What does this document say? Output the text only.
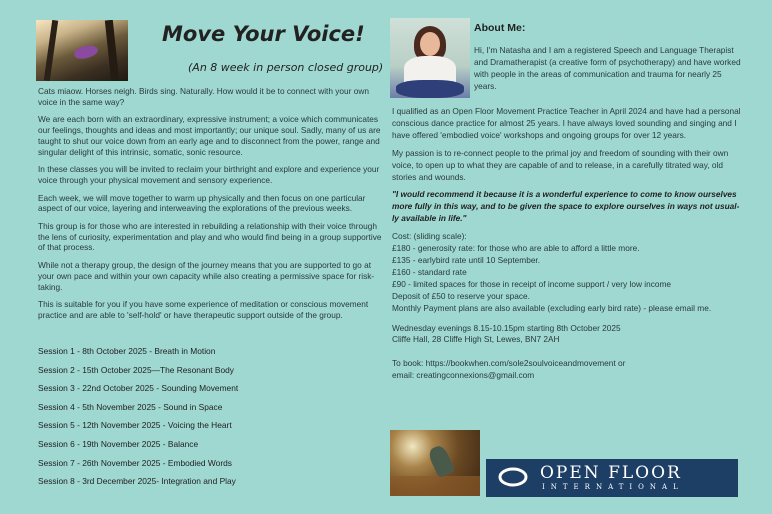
Move Your Voice!
(An 8 week in person closed group)

Cats miaow. Horses neigh. Birds sing. Naturally. How would it be to connect with your own voice in the same way?

We are each born with an extraordinary, expressive instrument; a voice which communicates our feelings, thoughts and ideas and most importantly; our unique soul. Sadly, many of us are taught to shut our voice down from an early age and to disconnect from the power, range and singular delight of this intrinsic, somatic, sonic resource.

In these classes you will be invited to reclaim your birthright and explore and experience your voice through your physical movement and sensory experience.

Each week, we will move together to warm up physically and then focus on one particular aspect of our voice, layering and interweaving the explorations of the previous weeks.

This group is for those who are interested in rebuilding a relationship with their voice through the lens of curiosity, experimentation and play and who would find being in a group supportive of that process.

While not a therapy group, the design of the journey means that you are supported to go at your own pace and within your own capacity while also creating a permissive space for risk-taking.

This is suitable for you if you have some experience of meditation or conscious movement practice and are able to 'self-hold' or have therapeutic support outside of the group.

Session 1 - 8th October 2025 - Breath in Motion
Session 2 - 15th October 2025—The Resonant Body
Session 3 - 22nd October 2025 - Sounding Movement
Session 4 - 5th November 2025 - Sound in Space
Session 5 - 12th November 2025 - Voicing the Heart
Session 6 - 19th November 2025 - Balance
Session 7 - 26th November 2025 - Embodied Words
Session 8 - 3rd December 2025- Integration and Play
About Me:
Hi, I'm Natasha and I am a registered Speech and Language Therapist and Dramatherapist (a creative form of psychotherapy) and have worked with people in the areas of communication and trauma for nearly 25 years.

I qualified as an Open Floor Movement Practice Teacher in April 2024 and have had a personal conscious dance practice for almost 25 years. I have always loved sounding and singing and I have offered 'embodied voice' workshops and ongoing groups for over 12 years.

My passion is to re-connect people to the primal joy and freedom of sounding with their own voice, to open up to what they are capable of and to release, in a carefully titrated way, old stories and wounds.

"I would recommend it because it is a wonderful experience to come to know ourselves more fully in this way, and to be given the space to explore ourselves in ways not usual-ly available in life."

Cost: (sliding scale):
£180 - generosity rate: for those who are able to afford a little more.
£135 - earlybird rate until 10 September.
£160 - standard rate
£90 - limited spaces for those in receipt of income support / very low income
Deposit of £50 to reserve your space.
Monthly Payment plans are also available (excluding early bird rate) - please email me.
Wednesday evenings 8.15-10.15pm starting 8th October 2025
Cliffe Hall, 28 Cliffe High St, Lewes, BN7 2AH
To book: https://bookwhen.com/sole2soulvoiceandmovement or
email: creatingconnexions@gmail.com
OPEN FLOOR
INTERNATIONAL
